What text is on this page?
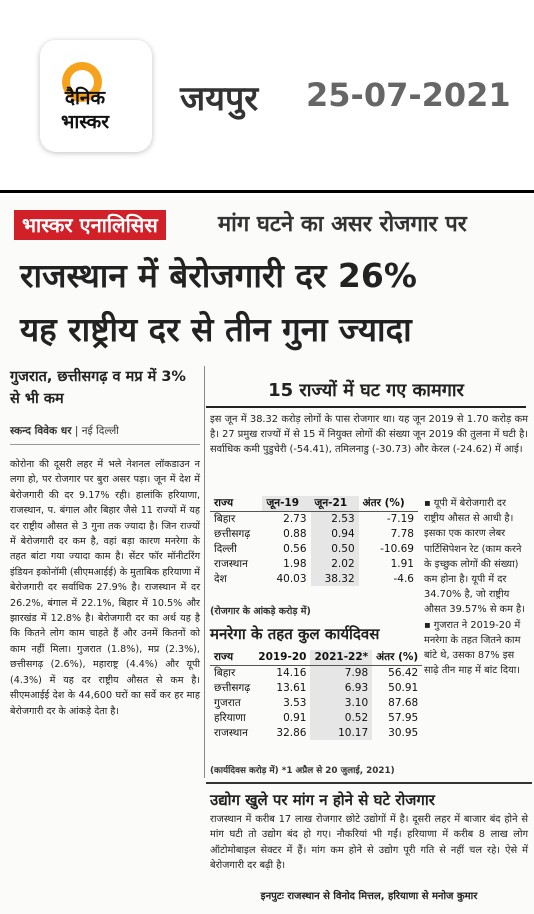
दैनिक
भास्कर
जयपुर 25-07-2021
भास्कर एनालिसिस	मांग घटने का असर रोजगार पर
राजस्थान में बेरोजगारी दर 26%
यह राष्ट्रीय दर से तीन गुना ज्यादा
गुजरात, छत्तीसगढ़ व मप्र में 3% से भी कम
स्कन्द विवेक धर | नई दिल्ली
कोरोना की दूसरी लहर में भले नेशनल लॉकडाउन न लगा हो, पर रोजगार पर बुरा असर पड़ा। जून में देश में बेरोजगारी की दर 9.17% रही। हालांकि हरियाणा, राजस्थान, प. बंगाल और बिहार जैसे 11 राज्यों में यह दर राष्ट्रीय औसत से 3 गुना तक ज्यादा है। जिन राज्यों में बेरोजगारी दर कम है, वहां बड़ा कारण मनरेगा के तहत बांटा गया ज्यादा काम है। सेंटर फॉर मॉनीटरिंग इंडियन इकोनॉमी (सीएमआईई) के मुताबिक हरियाणा में बेरोजगारी दर सर्वाधिक 27.9% है। राजस्थान में दर 26.2%, बंगाल में 22.1%, बिहार में 10.5% और झारखंड में 12.8% है। बेरोजगारी दर का अर्थ यह है कि कितने लोग काम चाहते हैं और उनमें कितनों को काम नहीं मिला। गुजरात (1.8%), मप्र (2.3%), छत्तीसगढ़ (2.6%), महाराष्ट्र (4.4%) और यूपी (4.3%) में यह दर राष्ट्रीय औसत से कम है। सीएमआईई देश के 44,600 घरों का सर्वे कर हर माह बेरोजगारी दर के आंकड़े देता है।
15 राज्यों में घट गए कामगार
इस जून में 38.32 करोड़ लोगों के पास रोजगार था। यह जून 2019 से 1.70 करोड़ कम है। 27 प्रमुख राज्यों में से 15 में नियुक्त लोगों की संख्या जून 2019 की तुलना में घटी है। सर्वाधिक कमी पुडुचेरी (-54.41), तमिलनाडु (-30.73) और केरल (-24.62) में आई।
राज्य	जून-19	जून-21	अंतर (%)
बिहार	2.73	2.53	-7.19
छत्तीसगढ़	0.88	0.94	7.78
दिल्ली	0.56	0.50	-10.69
राजस्थान	1.98	2.02	1.91
देश	40.03	38.32	-4.6
(रोजगार के आंकड़े करोड़ में)
मनरेगा के तहत कुल कार्यदिवस
राज्य	2019-20	2021-22*	अंतर (%)
बिहार	14.16	7.98	56.42
छत्तीसगढ़	13.61	6.93	50.91
गुजरात	3.53	3.10	87.68
हरियाणा	0.91	0.52	57.95
राजस्थान	32.86	10.17	30.95
(कार्यदिवस करोड़ में) *1 अप्रैल से 20 जुलाई, 2021)
▪ यूपी में बेरोजगारी दर राष्ट्रीय औसत से आधी है। इसका एक कारण लेबर पार्टिसिपेशन रेट (काम करने के इच्छुक लोगों की संख्या) कम होना है। यूपी में दर 34.70% है, जो राष्ट्रीय औसत 39.57% से कम है। ▪ गुजरात ने 2019-20 में मनरेगा के तहत जितने काम बांटे थे, उसका 87% इस साढ़े तीन माह में बांट दिया।
उद्योग खुले पर मांग न होने से घटे रोजगार
राजस्थान में करीब 17 लाख रोजगार छोटे उद्योगों में है। दूसरी लहर में बाजार बंद होने से मांग घटी तो उद्योग बंद हो गए। नौकरियां भी गईं। हरियाणा में करीब 8 लाख लोग ऑटोमोबाइल सेक्टर में हैं। मांग कम होने से उद्योग पूरी गति से नहीं चल रहे। ऐसे में बेरोजगारी दर बढ़ी है।
इनपुटः राजस्थान से विनोद मित्तल, हरियाणा से मनोज कुमार
